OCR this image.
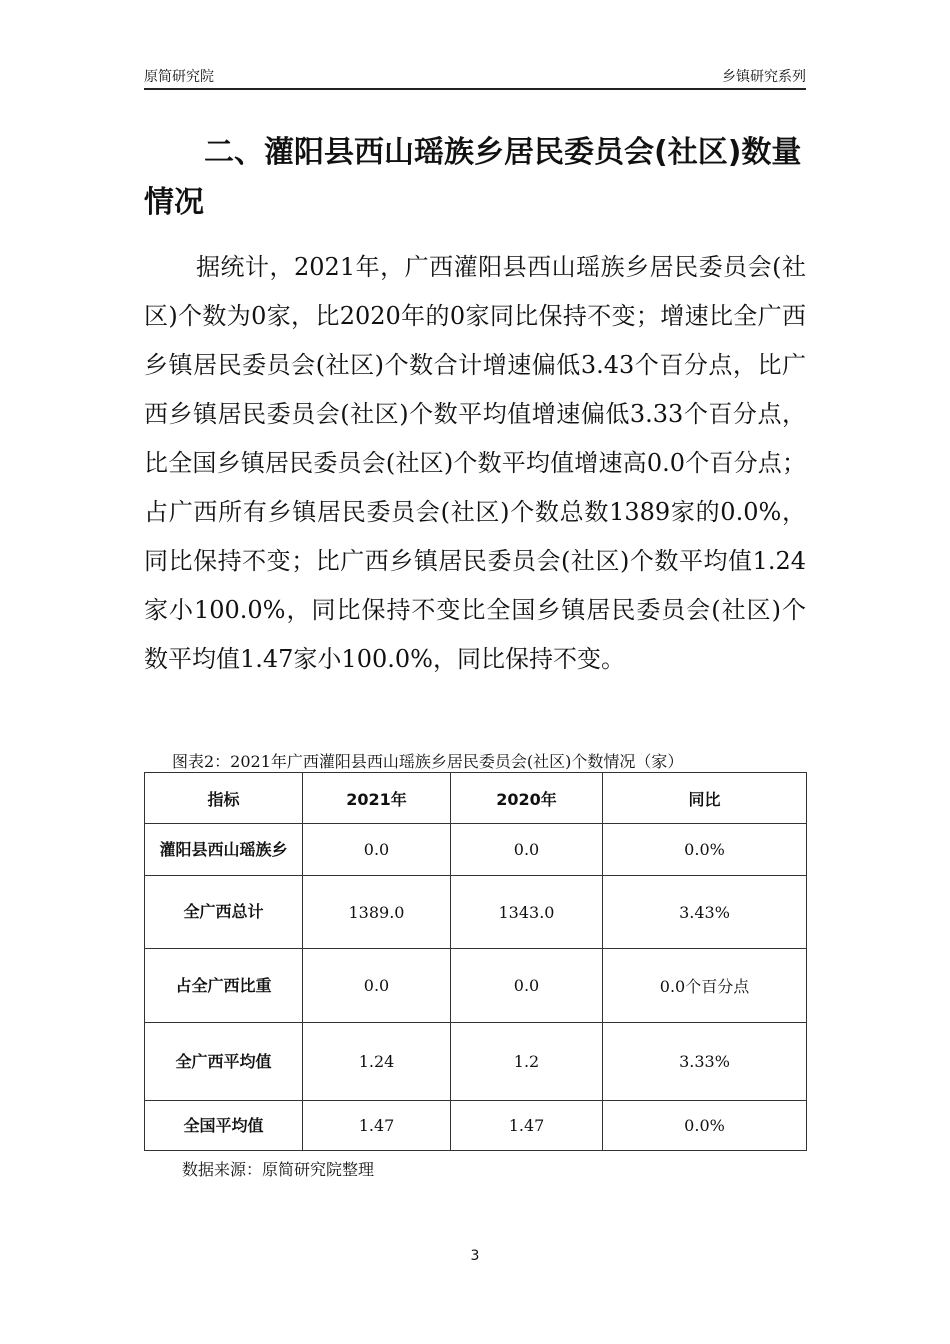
原简研究院	乡镇研究系列
二、灌阳县西山瑶族乡居民委员会(社区)数量情况

据统计，2021年，广西灌阳县西山瑶族乡居民委员会(社区)个数为0家，比2020年的0家同比保持不变；增速比全广西乡镇居民委员会(社区)个数合计增速偏低3.43个百分点，比广西乡镇居民委员会(社区)个数平均值增速偏低3.33个百分点，比全国乡镇居民委员会(社区)个数平均值增速高0.0个百分点；占广西所有乡镇居民委员会(社区)个数总数1389家的0.0%，同比保持不变；比广西乡镇居民委员会(社区)个数平均值1.24家小100.0%，同比保持不变比全国乡镇居民委员会(社区)个数平均值1.47家小100.0%，同比保持不变。

图表2：2021年广西灌阳县西山瑶族乡居民委员会(社区)个数情况（家）
指标	2021年	2020年	同比
灌阳县西山瑶族乡	0.0	0.0	0.0%
全广西总计	1389.0	1343.0	3.43%
占全广西比重	0.0	0.0	0.0个百分点
全广西平均值	1.24	1.2	3.33%
全国平均值	1.47	1.47	0.0%
数据来源：原简研究院整理
3
